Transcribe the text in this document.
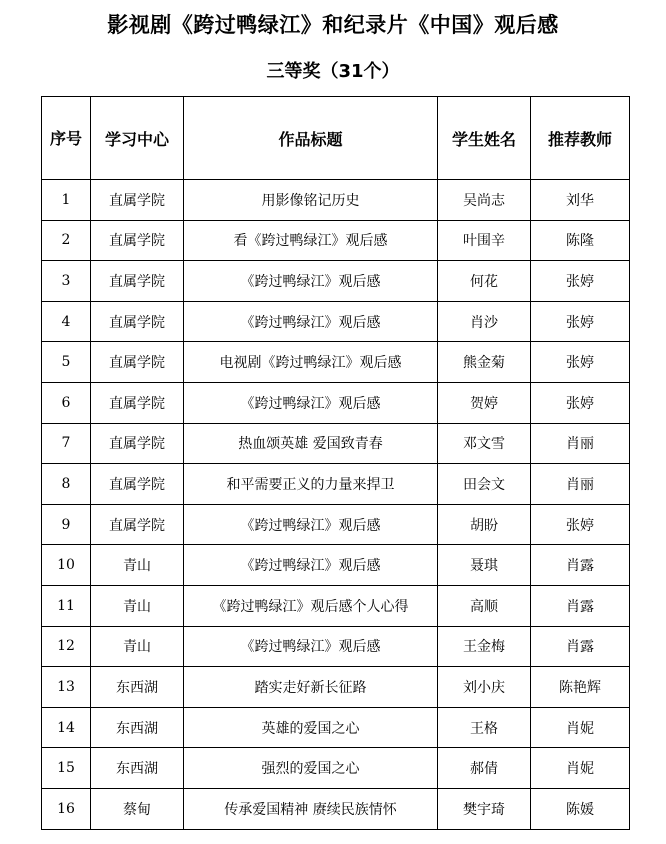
影视剧《跨过鸭绿江》和纪录片《中国》观后感
三等奖（31个）
序号	学习中心	作品标题	学生姓名	推荐教师
1	直属学院	用影像铭记历史	吴尚志	刘华
2	直属学院	看《跨过鸭绿江》观后感	叶围辛	陈隆
3	直属学院	《跨过鸭绿江》观后感	何花	张婷
4	直属学院	《跨过鸭绿江》观后感	肖沙	张婷
5	直属学院	电视剧《跨过鸭绿江》观后感	熊金菊	张婷
6	直属学院	《跨过鸭绿江》观后感	贺婷	张婷
7	直属学院	热血颂英雄 爱国致青春	邓文雪	肖丽
8	直属学院	和平需要正义的力量来捍卫	田会文	肖丽
9	直属学院	《跨过鸭绿江》观后感	胡盼	张婷
10	青山	《跨过鸭绿江》观后感	聂琪	肖露
11	青山	《跨过鸭绿江》观后感个人心得	高顺	肖露
12	青山	《跨过鸭绿江》观后感	王金梅	肖露
13	东西湖	踏实走好新长征路	刘小庆	陈艳辉
14	东西湖	英雄的爱国之心	王格	肖妮
15	东西湖	强烈的爱国之心	郝倩	肖妮
16	蔡甸	传承爱国精神 赓续民族情怀	樊宇琦	陈媛
